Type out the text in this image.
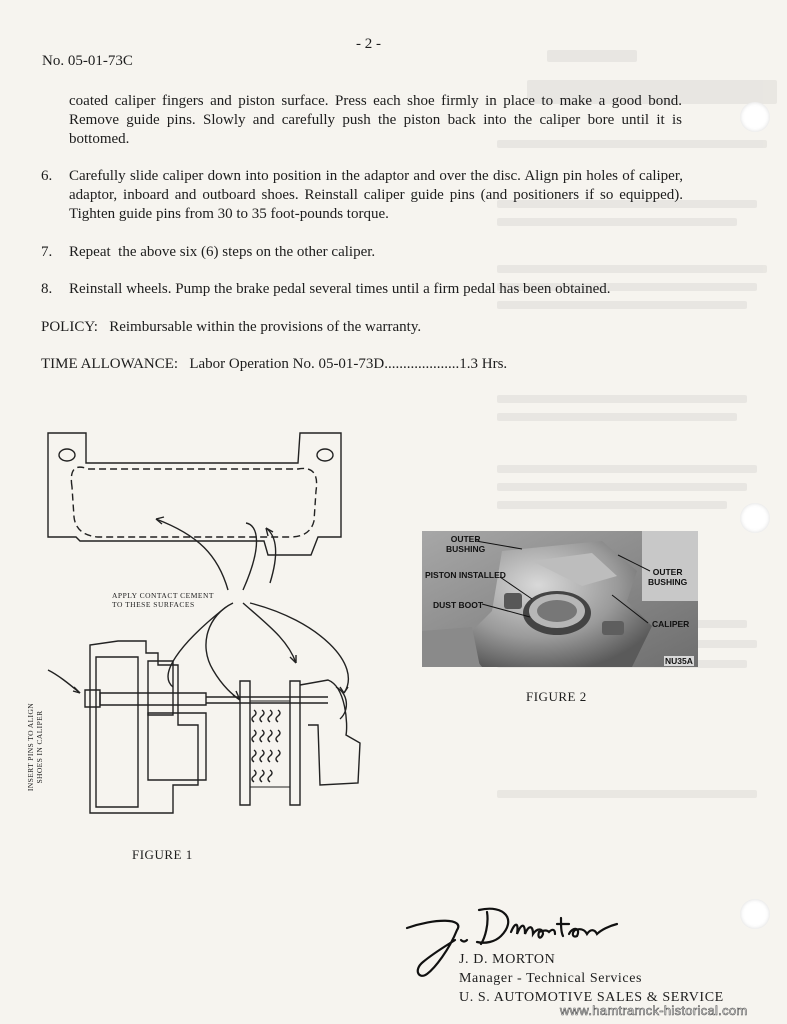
- 2 -
No. 05-01-73C
coated caliper fingers and piston surface. Press each shoe firmly in place to make a good bond. Remove guide pins. Slowly and carefully push the piston back into the caliper bore until it is bottomed.
6. Carefully slide caliper down into position in the adaptor and over the disc. Align pin holes of caliper, adaptor, inboard and outboard shoes. Reinstall caliper guide pins (and positioners if so equipped). Tighten guide pins from 30 to 35 foot-pounds torque.
7. Repeat  the above six (6) steps on the other caliper.
8. Reinstall wheels. Pump the brake pedal several times until a firm pedal has been obtained.
POLICY:   Reimbursable within the provisions of the warranty.
TIME ALLOWANCE:   Labor Operation No. 05-01-73D....................1.3 Hrs.
APPLY CONTACT CEMENT
TO THESE SURFACES
INSERT PINS TO ALIGN SHOES IN CALIPER
FIGURE 1
OUTER
BUSHING
PISTON INSTALLED
DUST BOOT
OUTER
BUSHING
CALIPER
NU35A
FIGURE 2
J. D. MORTON
Manager - Technical Services
U. S. AUTOMOTIVE SALES & SERVICE
www.hamtramck-historical.com
